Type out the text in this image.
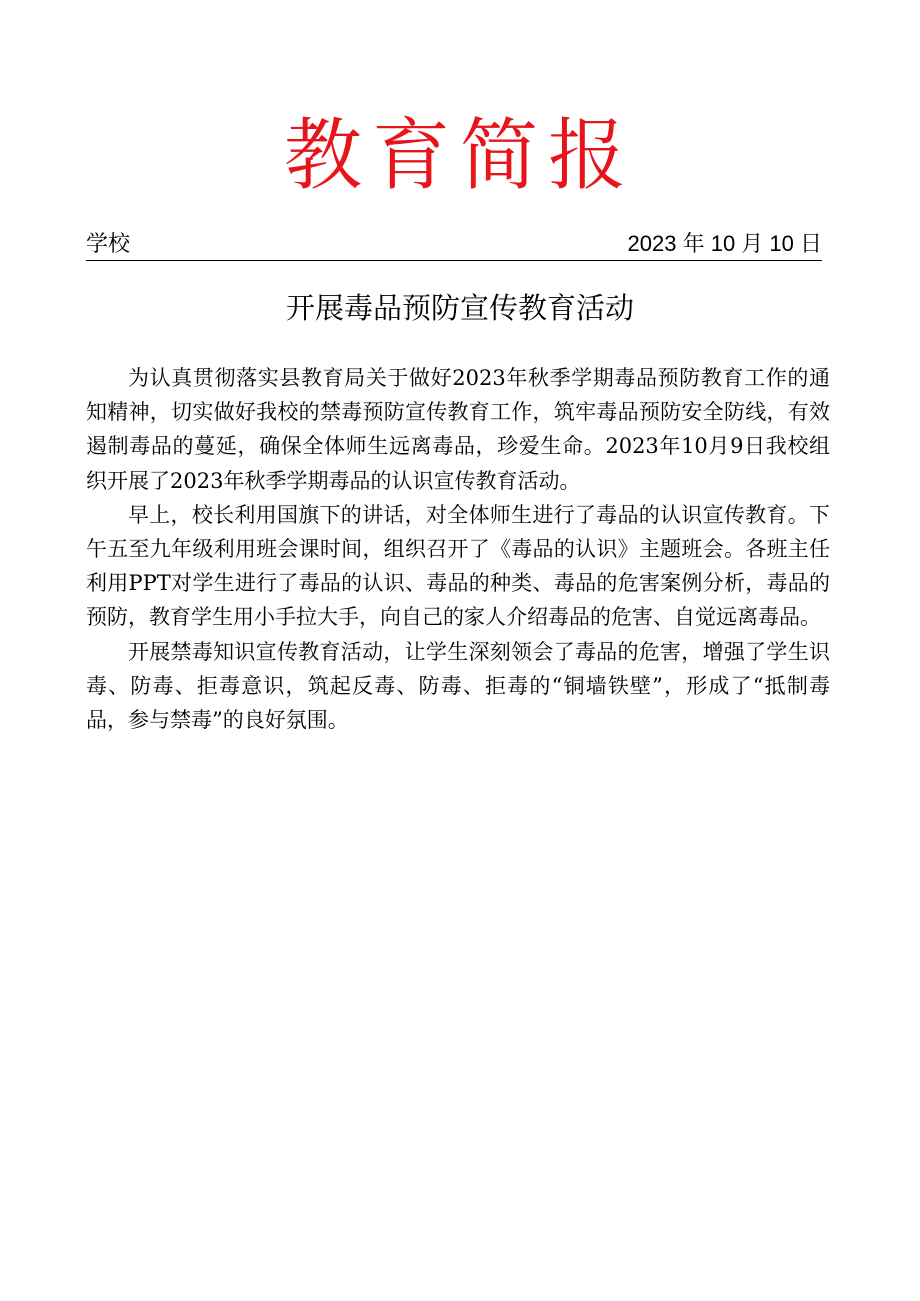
教育简报
学校	2023 年 10 月 10 日
开展毒品预防宣传教育活动

为认真贯彻落实县教育局关于做好2023年秋季学期毒品预防教育工作的通知精神，切实做好我校的禁毒预防宣传教育工作，筑牢毒品预防安全防线，有效遏制毒品的蔓延，确保全体师生远离毒品，珍爱生命。2023年10月9日我校组织开展了2023年秋季学期毒品的认识宣传教育活动。

早上，校长利用国旗下的讲话，对全体师生进行了毒品的认识宣传教育。下午五至九年级利用班会课时间，组织召开了《毒品的认识》主题班会。各班主任利用PPT对学生进行了毒品的认识、毒品的种类、毒品的危害案例分析，毒品的预防，教育学生用小手拉大手，向自己的家人介绍毒品的危害、自觉远离毒品。

开展禁毒知识宣传教育活动，让学生深刻领会了毒品的危害，增强了学生识毒、防毒、拒毒意识，筑起反毒、防毒、拒毒的“铜墙铁壁”，形成了“抵制毒品，参与禁毒”的良好氛围。
